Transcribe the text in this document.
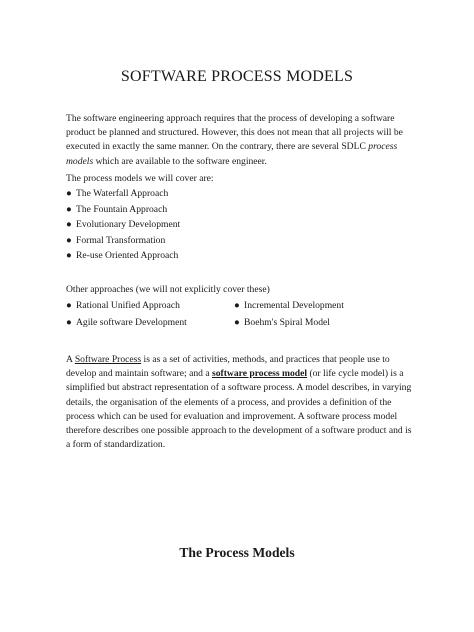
SOFTWARE PROCESS MODELS
The software engineering approach requires that the process of developing a software product be planned and structured. However, this does not mean that all projects will be executed in exactly the same manner. On the contrary, there are several SDLC process models which are available to the software engineer.
The process models we will cover are:
● The Waterfall Approach
● The Fountain Approach
● Evolutionary Development
● Formal Transformation
● Re-use Oriented Approach
Other approaches (we will not explicitly cover these)
● Rational Unified Approach	● Incremental Development
● Agile software Development	● Boehm's Spiral Model
A Software Process is as a set of activities, methods, and practices that people use to develop and maintain software; and a software process model (or life cycle model) is a simplified but abstract representation of a software process. A model describes, in varying details, the organisation of the elements of a process, and provides a definition of the process which can be used for evaluation and improvement. A software process model therefore describes one possible approach to the development of a software product and is a form of standardization.
The Process Models
